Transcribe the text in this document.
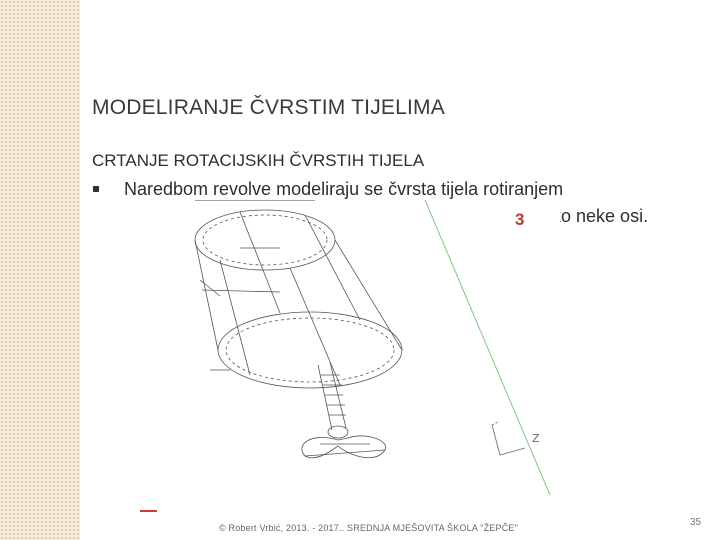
MODELIRANJE ČVRSTIM TIJELIMA
CRTANJE ROTACIJSKIH ČVRSTIH TIJELA
Naredbom revolve modeliraju se čvrsta tijela rotiranjem
oko neke osi.
Z
3
© Robert Vrbić, 2013. - 2017.. SREDNJA MJEŠOVITA ŠKOLA "ŽEPČE"	35
